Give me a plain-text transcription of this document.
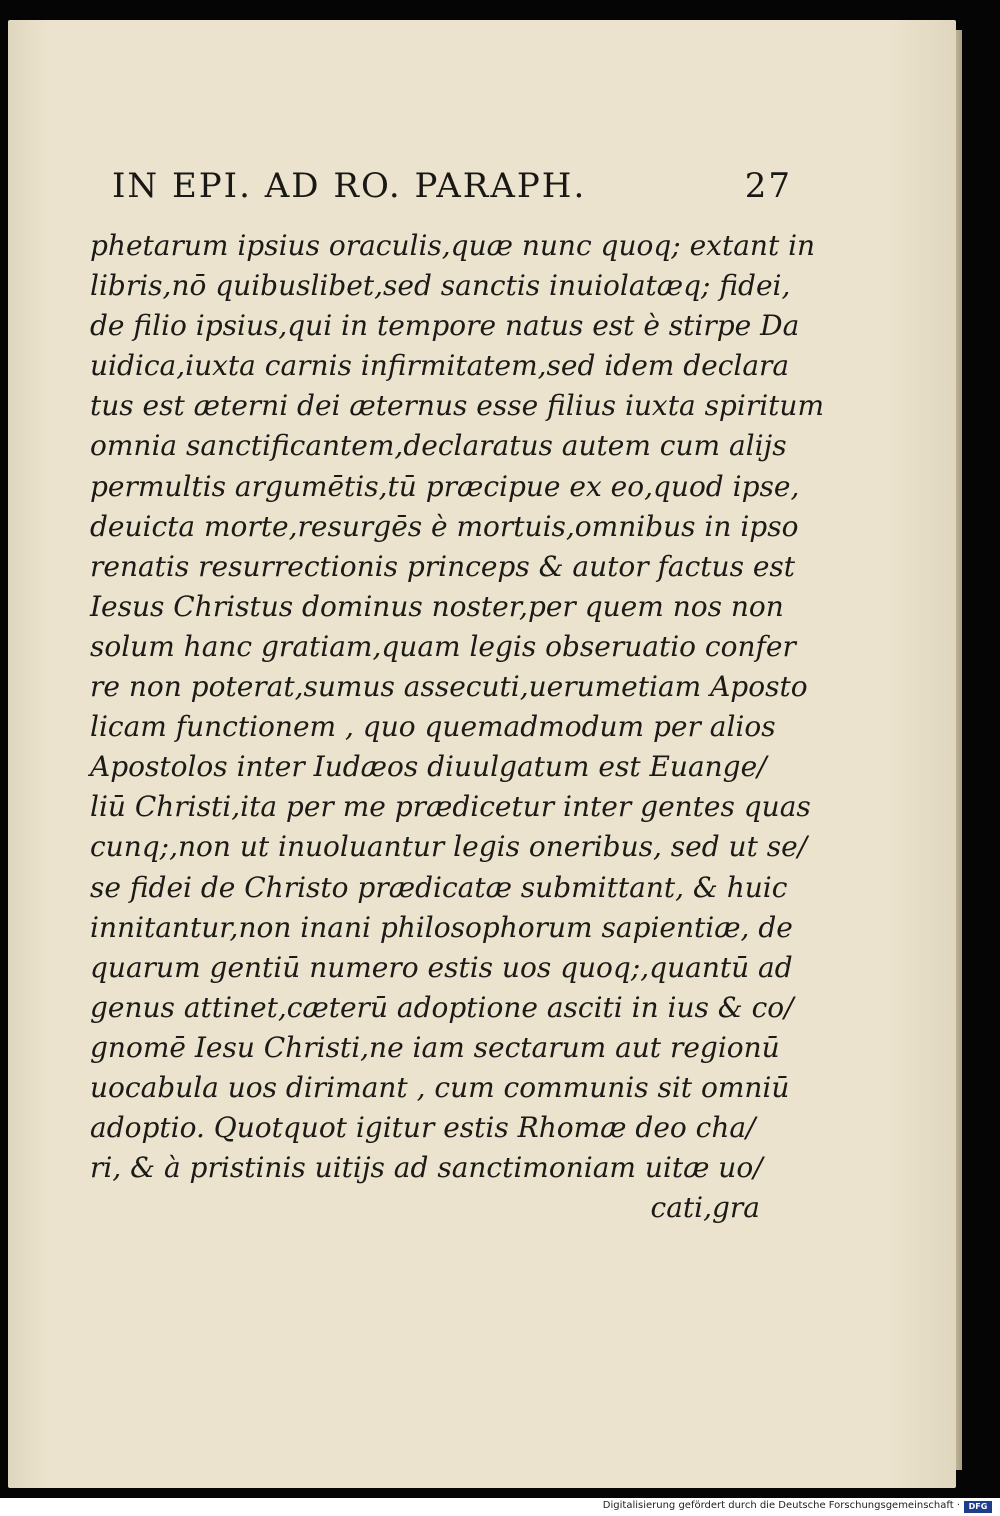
IN EPI. AD RO. PARAPH.	27
phetarum ipsius oraculis,quæ nunc quoq; extant in
libris,nō quibuslibet,sed sanctis inuiolatæq; fidei,
de filio ipsius,qui in tempore natus est è stirpe Da
uidica,iuxta carnis infirmitatem,sed idem declara
tus est æterni dei æternus esse filius iuxta spiritum
omnia sanctificantem,declaratus autem cum alijs
permultis argumētis,tū præcipue ex eo,quod ipse,
deuicta morte,resurgēs è mortuis,omnibus in ipso
renatis resurrectionis princeps & autor factus est
Iesus Christus dominus noster,per quem nos non
solum hanc gratiam,quam legis obseruatio confer
re non poterat,sumus assecuti,uerumetiam Aposto
licam functionem , quo quemadmodum per alios
Apostolos inter Iudæos diuulgatum est Euange/
liū Christi,ita per me prædicetur inter gentes quas
cunq;,non ut inuoluantur legis oneribus, sed ut se/
se fidei de Christo prædicatæ submittant, & huic
innitantur,non inani philosophorum sapientiæ, de
quarum gentiū numero estis uos quoq;,quantū ad
genus attinet,cæterū adoptione asciti in ius & co/
gnomē Iesu Christi,ne iam sectarum aut regionū
uocabula uos dirimant , cum communis sit omniū
adoptio. Quotquot igitur estis Rhomæ deo cha/
ri, & à pristinis uitijs ad sanctimoniam uitæ uo/
cati,gra
Digitalisierung gefördert durch die Deutsche Forschungsgemeinschaft ·	DFG
